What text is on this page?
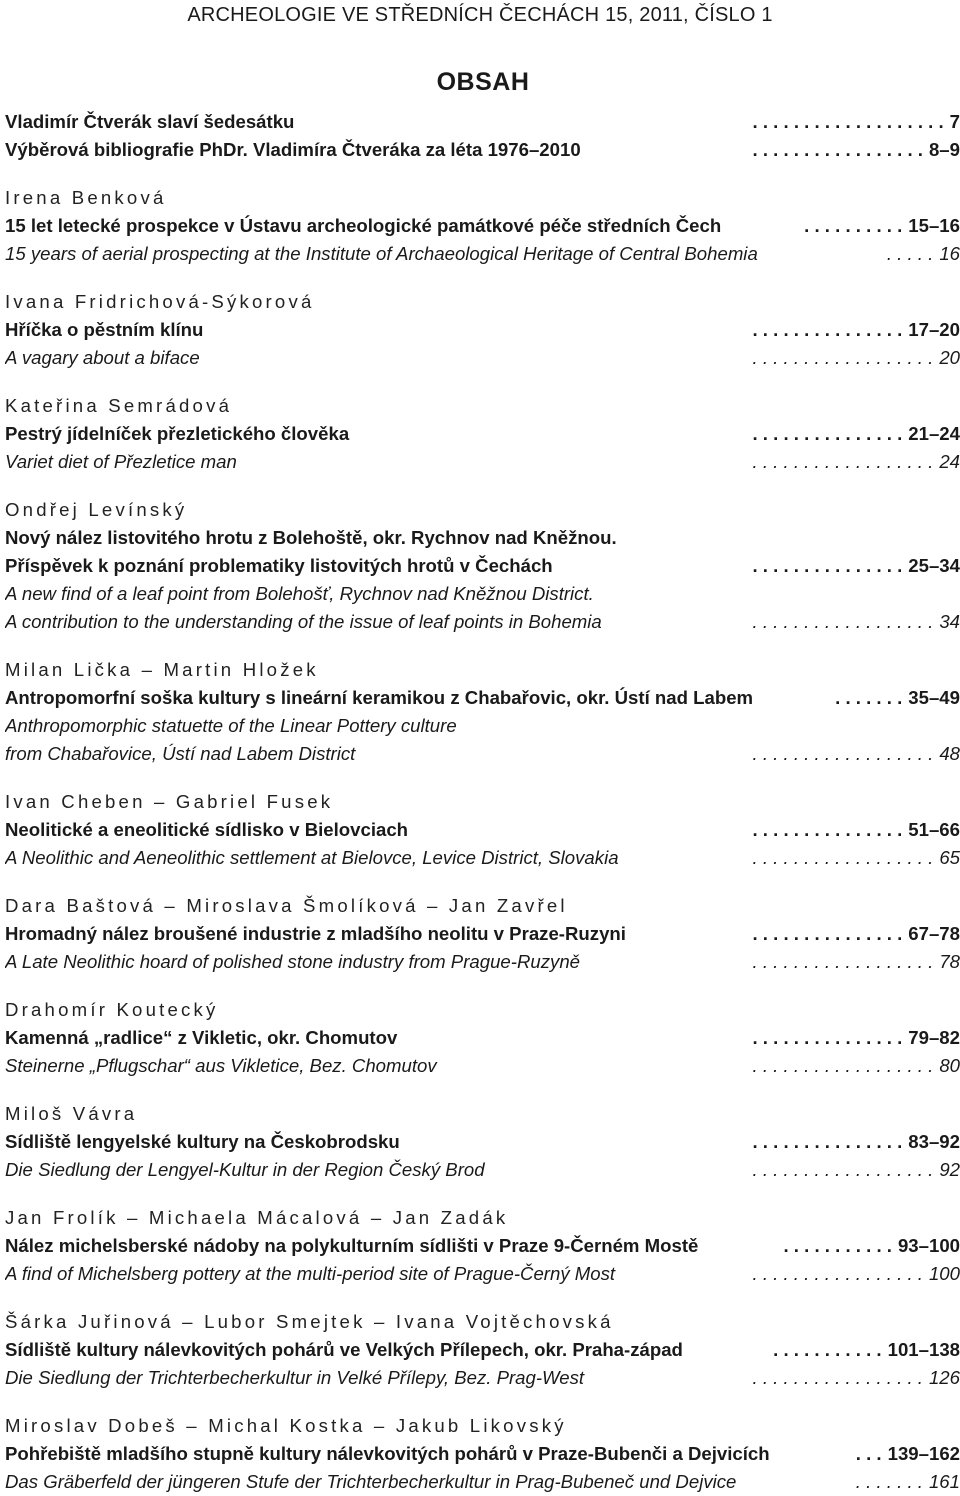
ARCHEOLOGIE VE STŘEDNÍCH ČECHÁCH 15, 2011, ČÍSLO 1
OBSAH
. . . . . . . . . . . . . . . . . . .
Vladimír Čtverák slaví šedesátku	7
. . . . . . . . . . . . . . . . .
Výběrová bibliografie PhDr. Vladimíra Čtveráka za léta 1976–2010	8–9
Irena Benková
. . . . . . . . . .
15 let letecké prospekce v Ústavu archeologické památkové péče středních Čech	15–16
. . . . .
15 years of aerial prospecting at the Institute of Archaeological Heritage of Central Bohemia	16
Ivana Fridrichová-Sýkorová
. . . . . . . . . . . . . . .
Hříčka o pěstním klínu	17–20
. . . . . . . . . . . . . . . . . .
A vagary about a biface	20
Kateřina Semrádová
. . . . . . . . . . . . . . .
Pestrý jídelníček přezletického člověka	21–24
. . . . . . . . . . . . . . . . . .
Variet diet of Přezletice man	24
Ondřej Levínský
Nový nález listovitého hrotu z Bolehoště, okr. Rychnov nad Kněžnou.
. . . . . . . . . . . . . . .
Příspěvek k poznání problematiky listovitých hrotů v Čechách	25–34
A new find of a leaf point from Bolehošť, Rychnov nad Kněžnou District.
. . . . . . . . . . . . . . . . . .
A contribution to the understanding of the issue of leaf points in Bohemia	34
Milan Lička – Martin Hložek
. . . . . . .
Antropomorfní soška kultury s lineární keramikou z Chabařovic, okr. Ústí nad Labem	35–49
Anthropomorphic statuette of the Linear Pottery culture
. . . . . . . . . . . . . . . . . .
from Chabařovice, Ústí nad Labem District	48
Ivan Cheben – Gabriel Fusek
. . . . . . . . . . . . . . .
Neolitické a eneolitické sídlisko v Bielovciach	51–66
. . . . . . . . . . . . . . . . . .
A Neolithic and Aeneolithic settlement at Bielovce, Levice District, Slovakia	65
Dara Baštová – Miroslava Šmolíková – Jan Zavřel
. . . . . . . . . . . . . . .
Hromadný nález broušené industrie z mladšího neolitu v Praze-Ruzyni	67–78
. . . . . . . . . . . . . . . . . .
A Late Neolithic hoard of polished stone industry from Prague-Ruzyně	78
Drahomír Koutecký
. . . . . . . . . . . . . . .
Kamenná „radlice“ z Vikletic, okr. Chomutov	79–82
. . . . . . . . . . . . . . . . . .
Steinerne „Pflugschar“ aus Vikletice, Bez. Chomutov	80
Miloš Vávra
. . . . . . . . . . . . . . .
Sídliště lengyelské kultury na Českobrodsku	83–92
. . . . . . . . . . . . . . . . . .
Die Siedlung der Lengyel-Kultur in der Region Český Brod	92
Jan Frolík – Michaela Mácalová – Jan Zadák
. . . . . . . . . . .
Nález michelsberské nádoby na polykulturním sídlišti v Praze 9-Černém Mostě	93–100
. . . . . . . . . . . . . . . . .
A find of Michelsberg pottery at the multi-period site of Prague-Černý Most	100
Šárka Juřinová – Lubor Smejtek – Ivana Vojtěchovská
. . . . . . . . . . .
Sídliště kultury nálevkovitých pohárů ve Velkých Přílepech, okr. Praha-západ	101–138
. . . . . . . . . . . . . . . . .
Die Siedlung der Trichterbecherkultur in Velké Přílepy, Bez. Prag-West	126
Miroslav Dobeš – Michal Kostka – Jakub Likovský
. . .
Pohřebiště mladšího stupně kultury nálevkovitých pohárů v Praze-Bubenči a Dejvicích	139–162
. . . . . . .
Das Gräberfeld der jüngeren Stufe der Trichterbecherkultur in Prag-Bubeneč und Dejvice	161
